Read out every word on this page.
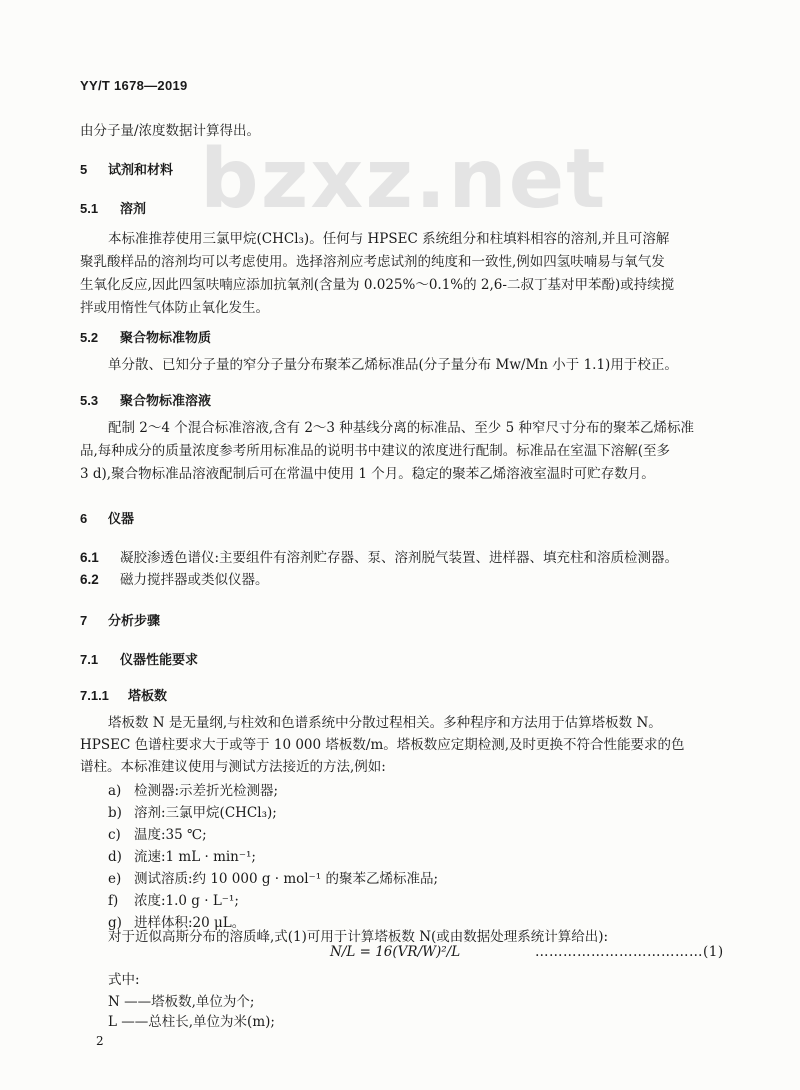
YY/T 1678—2019
bzxz.net
由分子量/浓度数据计算得出。
5 试剂和材料
5.1 溶剂

本标准推荐使用三氯甲烷(CHCl₃)。任何与 HPSEC 系统组分和柱填料相容的溶剂,并且可溶解

聚乳酸样品的溶剂均可以考虑使用。选择溶剂应考虑试剂的纯度和一致性,例如四氢呋喃易与氧气发

生氧化反应,因此四氢呋喃应添加抗氧剂(含量为 0.025%～0.1%的 2,6-二叔丁基对甲苯酚)或持续搅

拌或用惰性气体防止氧化发生。

5.2 聚合物标准物质

单分散、已知分子量的窄分子量分布聚苯乙烯标准品(分子量分布 Mw/Mn 小于 1.1)用于校正。

5.3 聚合物标准溶液

配制 2～4 个混合标准溶液,含有 2～3 种基线分离的标准品、至少 5 种窄尺寸分布的聚苯乙烯标准

品,每种成分的质量浓度参考所用标准品的说明书中建议的浓度进行配制。标准品在室温下溶解(至多

3 d),聚合物标准品溶液配制后可在常温中使用 1 个月。稳定的聚苯乙烯溶液室温时可贮存数月。

6 仪器
6.1 凝胶渗透色谱仪:主要组件有溶剂贮存器、泵、溶剂脱气装置、进样器、填充柱和溶质检测器。
6.2 磁力搅拌器或类似仪器。
7 分析步骤
7.1 仪器性能要求
7.1.1 塔板数

塔板数 N 是无量纲,与柱效和色谱系统中分散过程相关。多种程序和方法用于估算塔板数 N。

HPSEC 色谱柱要求大于或等于 10 000 塔板数/m。塔板数应定期检测,及时更换不符合性能要求的色

谱柱。本标准建议使用与测试方法接近的方法,例如:

a) 检测器:示差折光检测器;
b) 溶剂:三氯甲烷(CHCl₃);
c) 温度:35 ℃;
d) 流速:1 mL · min⁻¹;
e) 测试溶质:约 10 000 g · mol⁻¹ 的聚苯乙烯标准品;
f) 浓度:1.0 g · L⁻¹;
g) 进样体积:20 μL。
对于近似高斯分布的溶质峰,式(1)可用于计算塔板数 N(或由数据处理系统计算给出):
N/L = 16(VR/W)²/L	………………………………(1)
式中:
N ——塔板数,单位为个;
L ——总柱长,单位为米(m);
2
